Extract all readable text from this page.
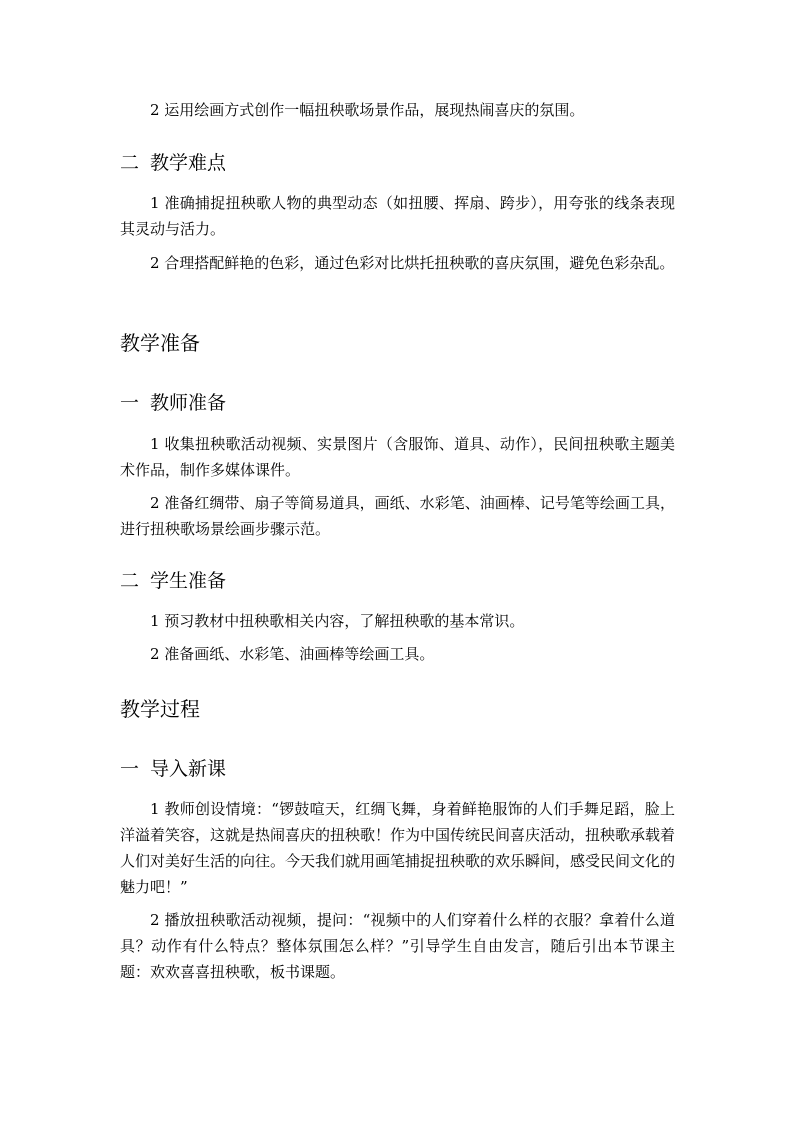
2 运用绘画方式创作一幅扭秧歌场景作品，展现热闹喜庆的氛围。

二 教学难点

1 准确捕捉扭秧歌人物的典型动态（如扭腰、挥扇、跨步），用夸张的线条表现其灵动与活力。

2 合理搭配鲜艳的色彩，通过色彩对比烘托扭秧歌的喜庆氛围，避免色彩杂乱。

教学准备
一 教师准备

1 收集扭秧歌活动视频、实景图片（含服饰、道具、动作），民间扭秧歌主题美术作品，制作多媒体课件。

2 准备红绸带、扇子等简易道具，画纸、水彩笔、油画棒、记号笔等绘画工具，进行扭秧歌场景绘画步骤示范。

二 学生准备

1 预习教材中扭秧歌相关内容，了解扭秧歌的基本常识。

2 准备画纸、水彩笔、油画棒等绘画工具。

教学过程
一 导入新课

1 教师创设情境：“锣鼓喧天，红绸飞舞，身着鲜艳服饰的人们手舞足蹈，脸上洋溢着笑容，这就是热闹喜庆的扭秧歌！作为中国传统民间喜庆活动，扭秧歌承载着人们对美好生活的向往。今天我们就用画笔捕捉扭秧歌的欢乐瞬间，感受民间文化的魅力吧！”

2 播放扭秧歌活动视频，提问：“视频中的人们穿着什么样的衣服？拿着什么道具？动作有什么特点？整体氛围怎么样？”引导学生自由发言，随后引出本节课主题：欢欢喜喜扭秧歌，板书课题。
